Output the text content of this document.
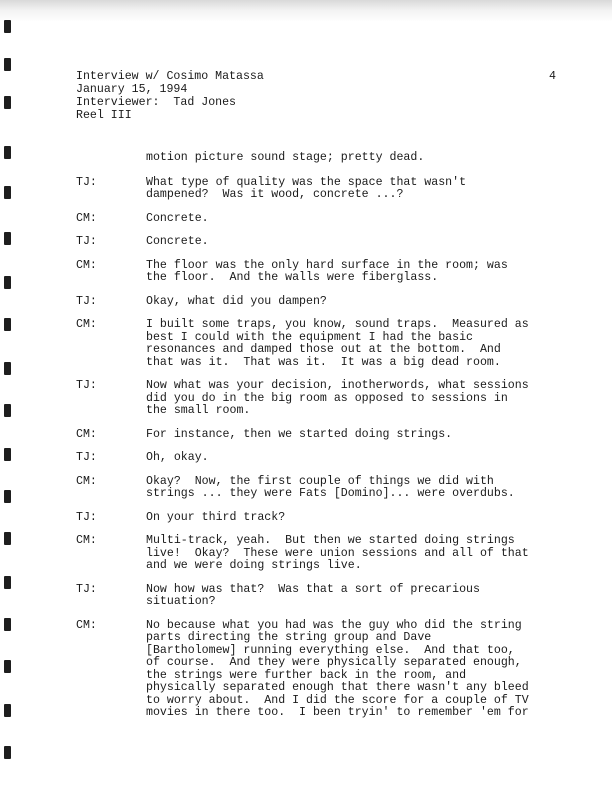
Interview w/ Cosimo Matassa
January 15, 1994
Interviewer:  Tad Jones
Reel III
4
motion picture sound stage; pretty dead.
TJ:	What type of quality was the space that wasn't
dampened?  Was it wood, concrete ...?
CM:	Concrete.
TJ:	Concrete.
CM:	The floor was the only hard surface in the room; was
the floor.  And the walls were fiberglass.
TJ:	Okay, what did you dampen?
CM:	I built some traps, you know, sound traps.  Measured as
best I could with the equipment I had the basic
resonances and damped those out at the bottom.  And
that was it.  That was it.  It was a big dead room.
TJ:	Now what was your decision, inotherwords, what sessions
did you do in the big room as opposed to sessions in
the small room.
CM:	For instance, then we started doing strings.
TJ:	Oh, okay.
CM:	Okay?  Now, the first couple of things we did with
strings ... they were Fats [Domino]... were overdubs.
TJ:	On your third track?
CM:	Multi-track, yeah.  But then we started doing strings
live!  Okay?  These were union sessions and all of that
and we were doing strings live.
TJ:	Now how was that?  Was that a sort of precarious
situation?
CM:	No because what you had was the guy who did the string
parts directing the string group and Dave
[Bartholomew] running everything else.  And that too,
of course.  And they were physically separated enough,
the strings were further back in the room, and
physically separated enough that there wasn't any bleed
to worry about.  And I did the score for a couple of TV
movies in there too.  I been tryin' to remember 'em for
